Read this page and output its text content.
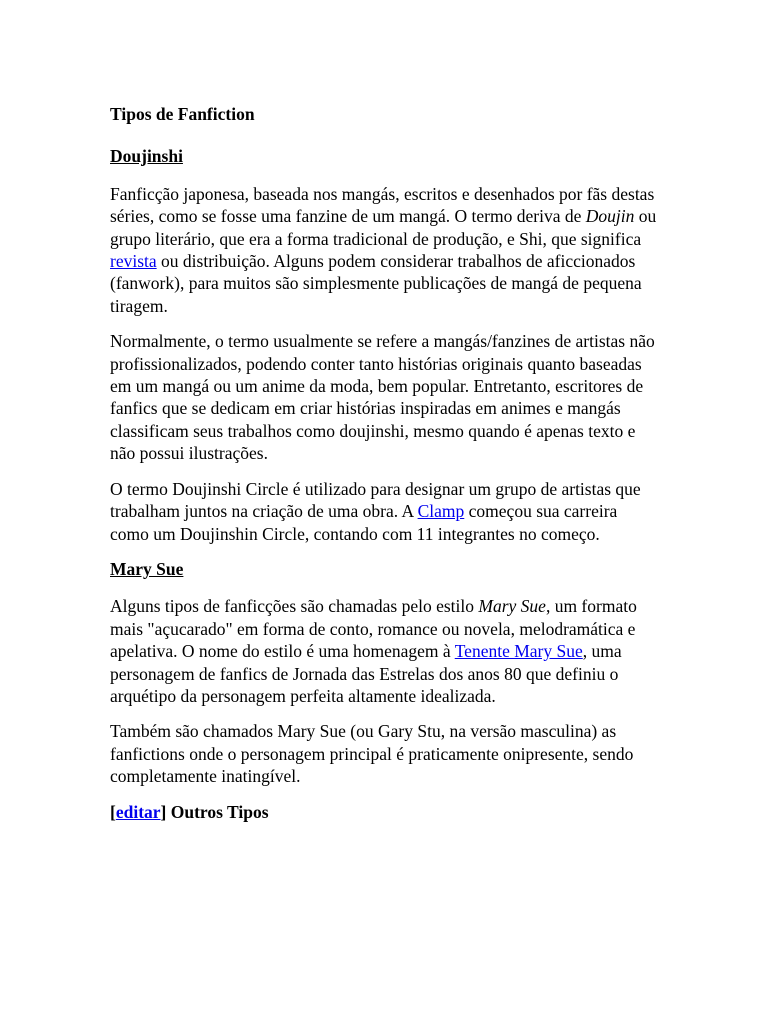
Tipos de Fanfiction
Doujinshi

Fanficção japonesa, baseada nos mangás, escritos e desenhados por fãs destas séries, como se fosse uma fanzine de um mangá. O termo deriva de Doujin ou grupo literário, que era a forma tradicional de produção, e Shi, que significa revista ou distribuição. Alguns podem considerar trabalhos de aficcionados (fanwork), para muitos são simplesmente publicações de mangá de pequena tiragem.

Normalmente, o termo usualmente se refere a mangás/fanzines de artistas não profissionalizados, podendo conter tanto histórias originais quanto baseadas em um mangá ou um anime da moda, bem popular. Entretanto, escritores de fanfics que se dedicam em criar histórias inspiradas em animes e mangás classificam seus trabalhos como doujinshi, mesmo quando é apenas texto e não possui ilustrações.

O termo Doujinshi Circle é utilizado para designar um grupo de artistas que trabalham juntos na criação de uma obra. A Clamp começou sua carreira como um Doujinshin Circle, contando com 11 integrantes no começo.

Mary Sue

Alguns tipos de fanficções são chamadas pelo estilo Mary Sue, um formato mais "açucarado" em forma de conto, romance ou novela, melodramática e apelativa. O nome do estilo é uma homenagem à Tenente Mary Sue, uma personagem de fanfics de Jornada das Estrelas dos anos 80 que definiu o arquétipo da personagem perfeita altamente idealizada.

Também são chamados Mary Sue (ou Gary Stu, na versão masculina) as fanfictions onde o personagem principal é praticamente onipresente, sendo completamente inatingível.

[editar] Outros Tipos
